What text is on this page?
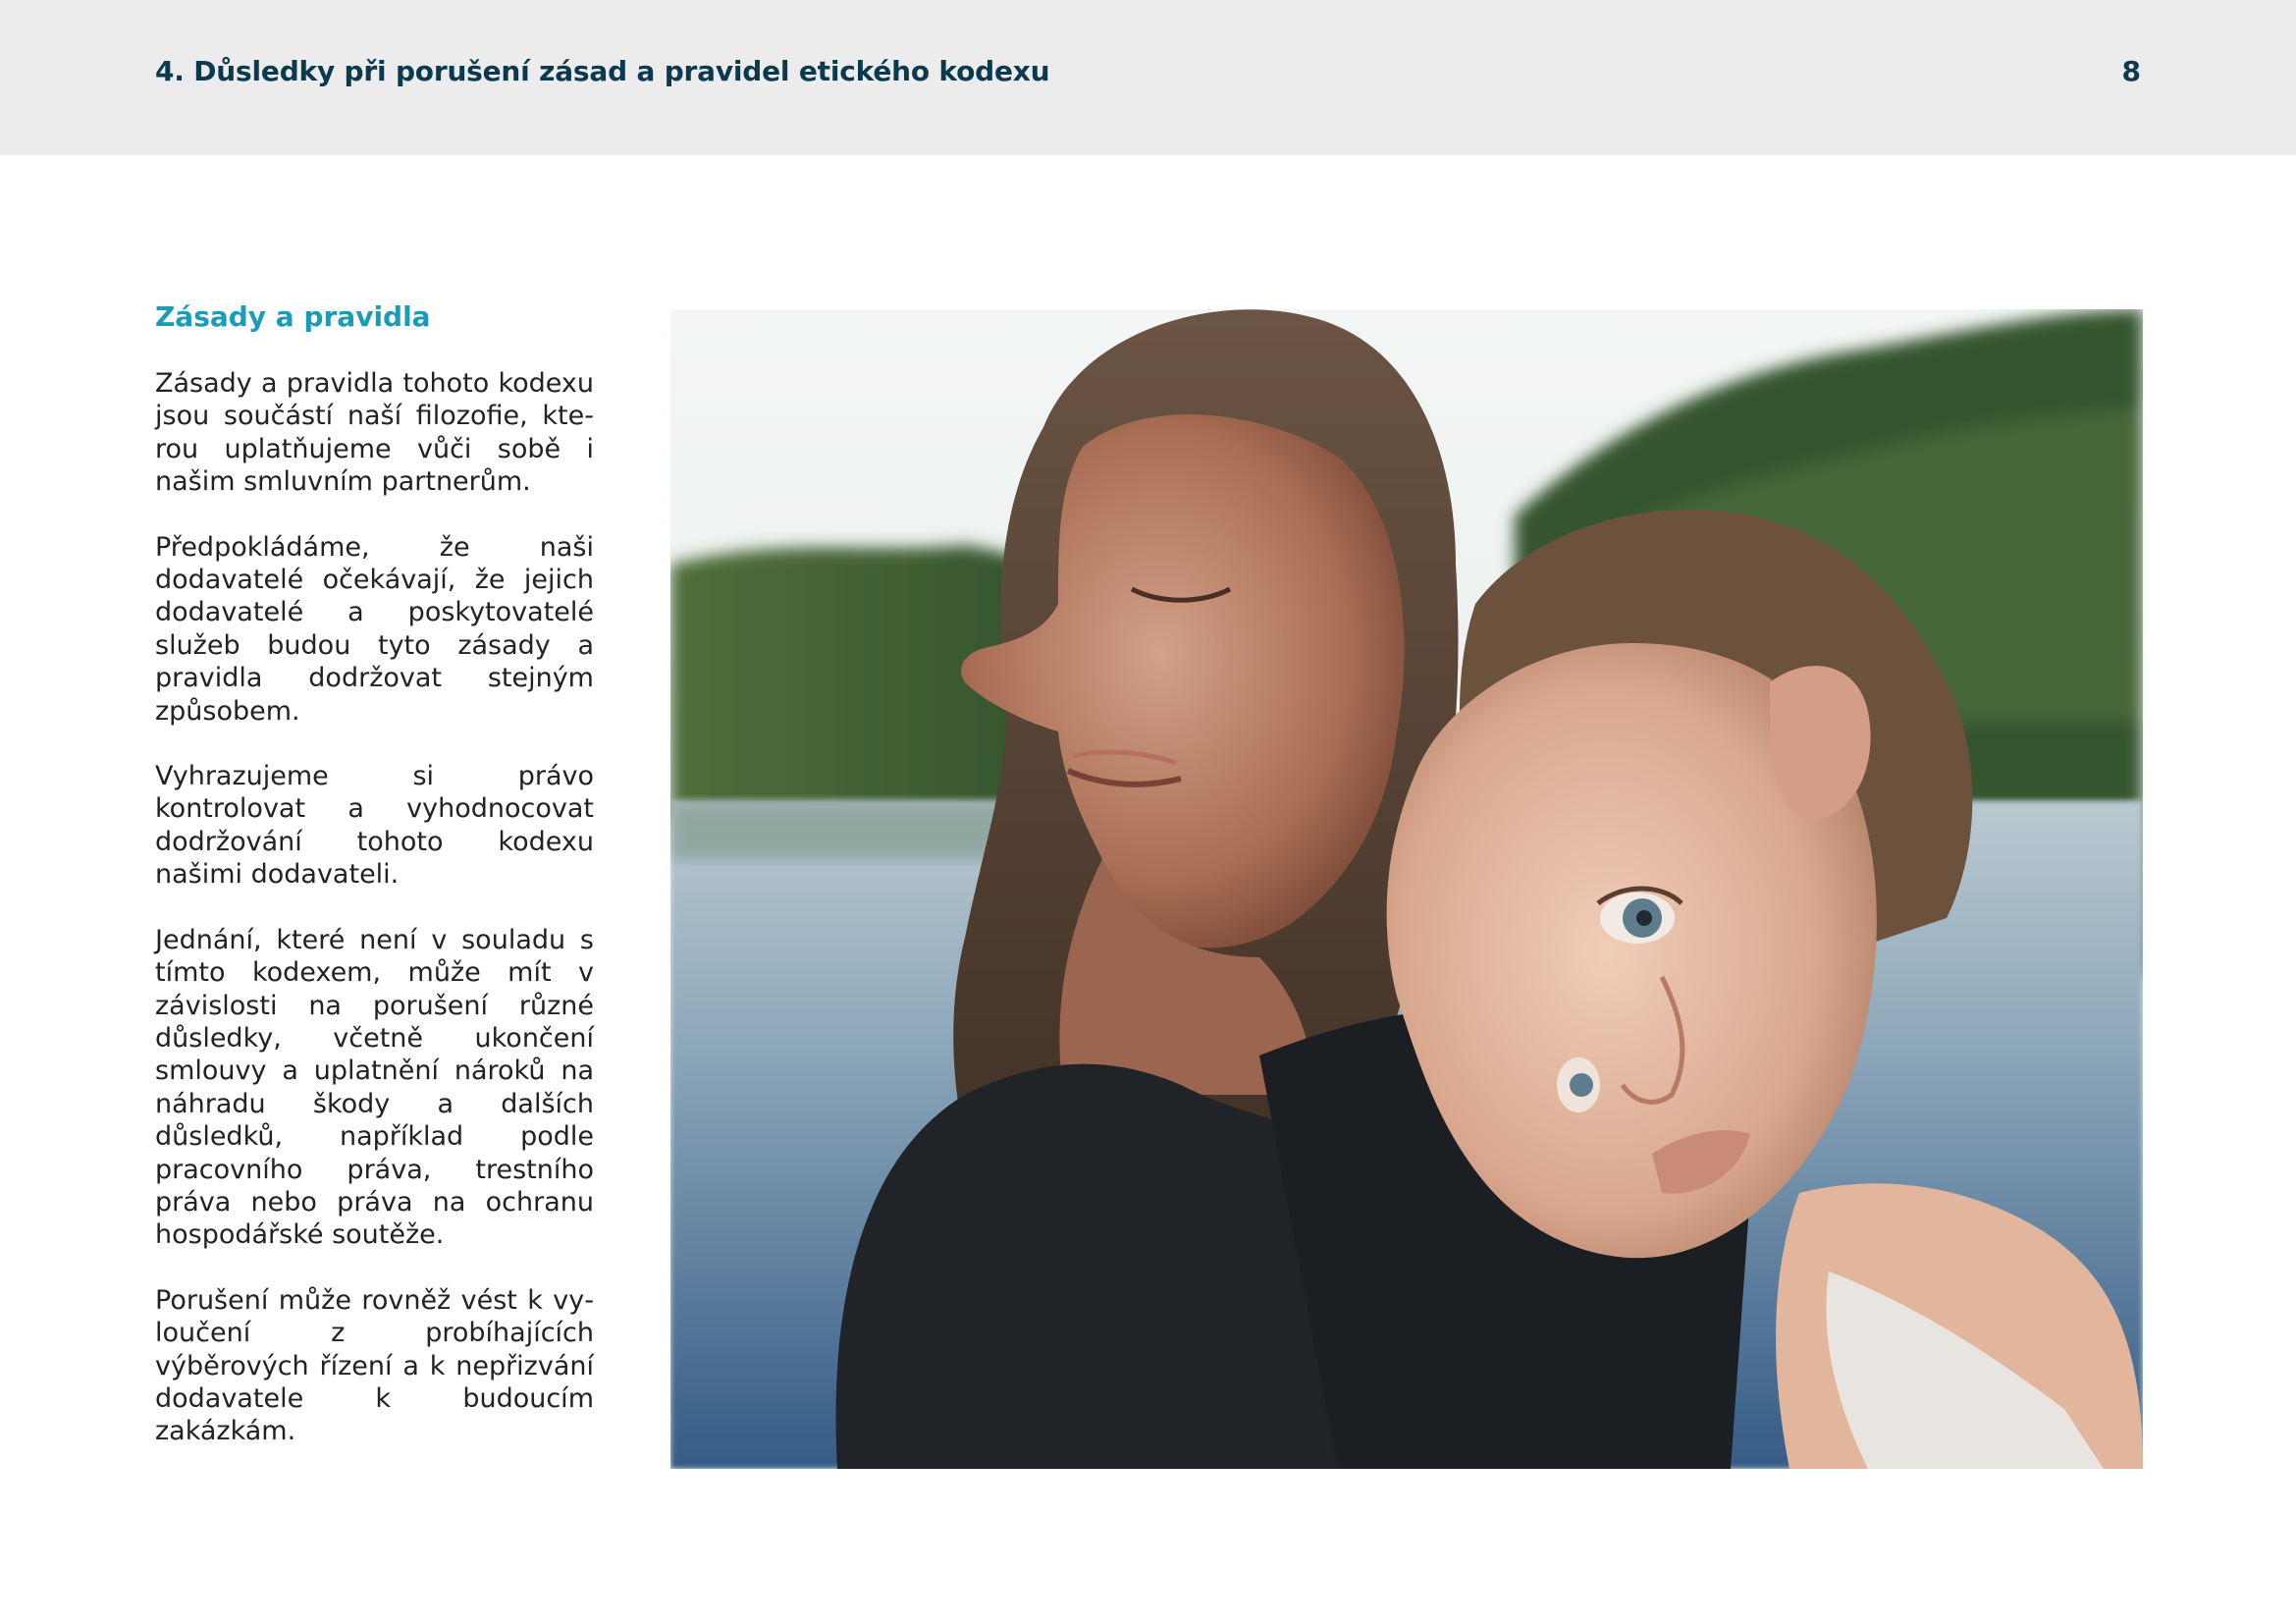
4. Důsledky při porušení zásad a pravidel etického kodexu	8
Zásady a pravidla

Zásady a pravidla tohoto kodexu jsou součástí naší filozofie, kterou uplatňujeme vůči sobě i našim smluvním partnerům.

Předpokládáme, že naši dodavatelé očekávají, že jejich dodavatelé a poskytovatelé služeb budou tyto zásady a pravidla dodržovat stejným způsobem.

Vyhrazujeme si právo kontrolovat a vyhodnocovat dodržování tohoto kodexu našimi dodavateli.

Jednání, které není v souladu s tímto kodexem, může mít v závislosti na porušení různé důsledky, včetně ukončení smlouvy a uplatnění nároků na náhradu škody a dalších důsledků, například podle pracovního práva, trestního práva nebo práva na ochranu hospodářské soutěže.

Porušení může rovněž vést k vyloučení z probíhajících výběrových řízení a k nepřizvání dodavatele k budoucím zakázkám.
